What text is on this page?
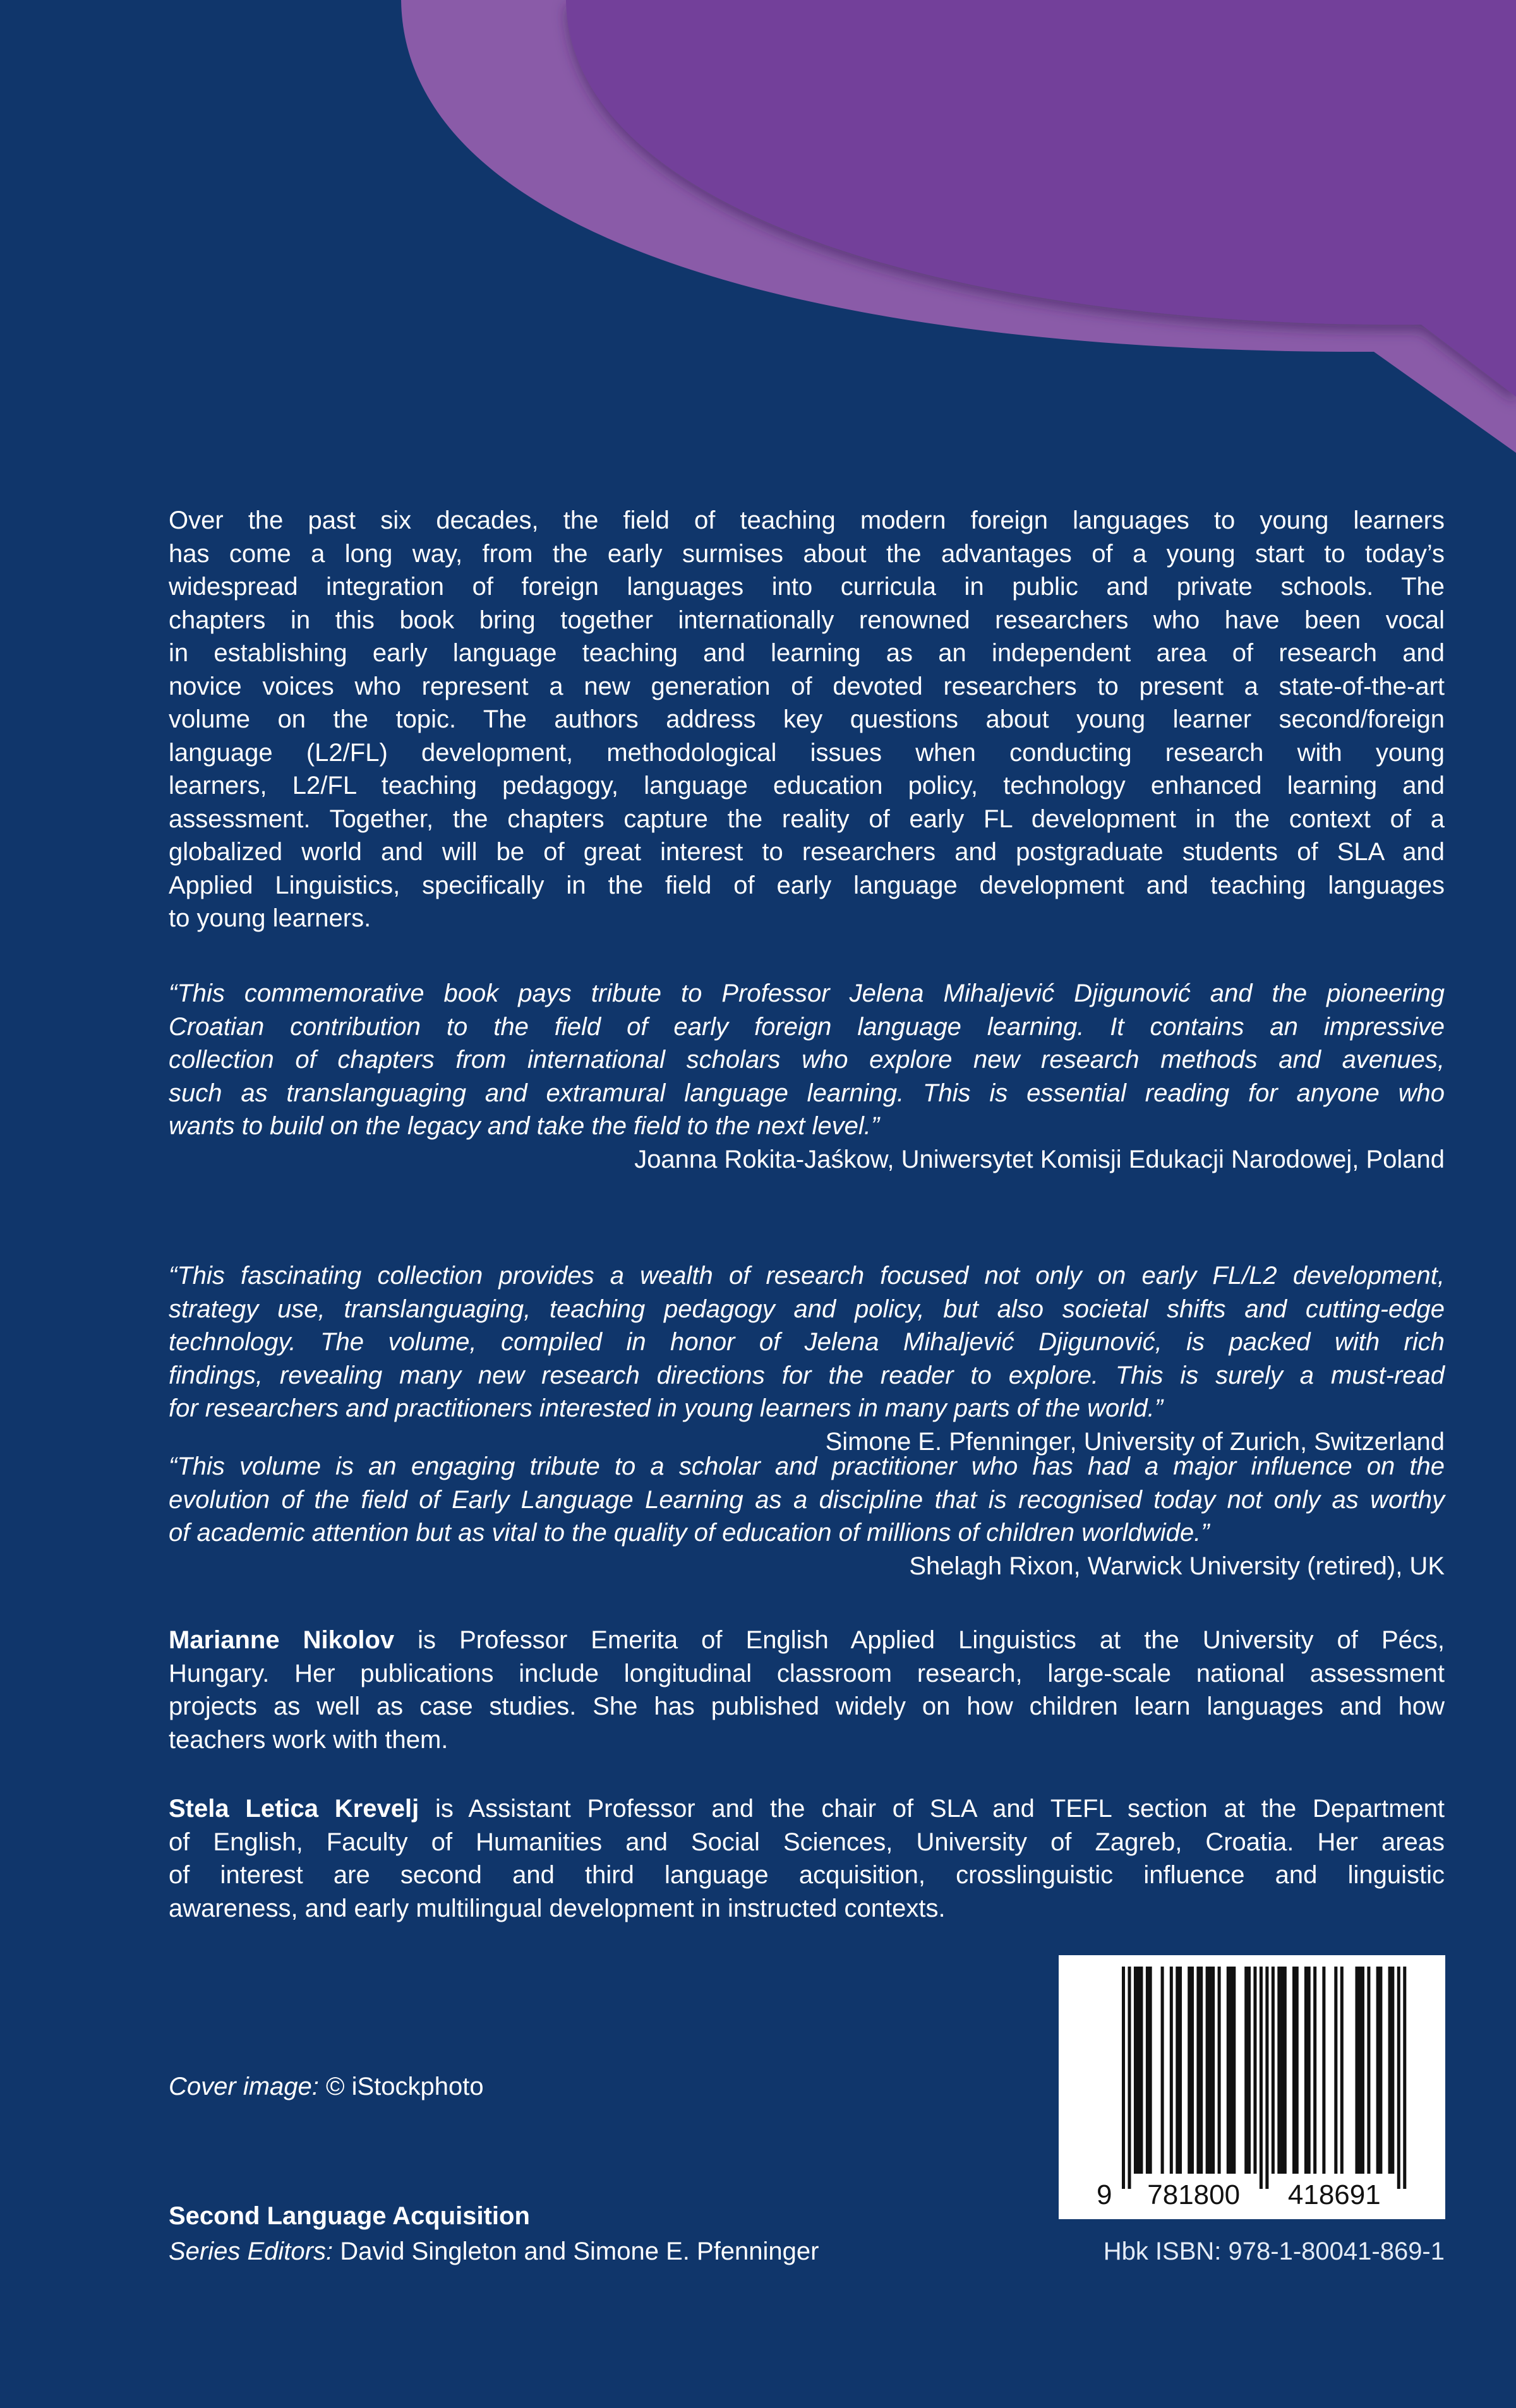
Over the past six decades, the field of teaching modern foreign languages to young learners
has come a long way, from the early surmises about the advantages of a young start to today’s
widespread integration of foreign languages into curricula in public and private schools. The
chapters in this book bring together internationally renowned researchers who have been vocal
in establishing early language teaching and learning as an independent area of research and
novice voices who represent a new generation of devoted researchers to present a state-of-the-art
volume on the topic. The authors address key questions about young learner second/foreign
language (L2/FL) development, methodological issues when conducting research with young
learners, L2/FL teaching pedagogy, language education policy, technology enhanced learning and
assessment. Together, the chapters capture the reality of early FL development in the context of a
globalized world and will be of great interest to researchers and postgraduate students of SLA and
Applied Linguistics, specifically in the field of early language development and teaching languages
to young learners.
“This commemorative book pays tribute to Professor Jelena Mihaljević Djigunović and the pioneering
Croatian contribution to the field of early foreign language learning. It contains an impressive
collection of chapters from international scholars who explore new research methods and avenues,
such as translanguaging and extramural language learning. This is essential reading for anyone who
wants to build on the legacy and take the field to the next level.”
Joanna Rokita-Jaśkow, Uniwersytet Komisji Edukacji Narodowej, Poland
“This fascinating collection provides a wealth of research focused not only on early FL/L2 development,
strategy use, translanguaging, teaching pedagogy and policy, but also societal shifts and cutting-edge
technology. The volume, compiled in honor of Jelena Mihaljević Djigunović, is packed with rich
findings, revealing many new research directions for the reader to explore. This is surely a must-read
for researchers and practitioners interested in young learners in many parts of the world.”
Simone E. Pfenninger, University of Zurich, Switzerland
“This volume is an engaging tribute to a scholar and practitioner who has had a major influence on the
evolution of the field of Early Language Learning as a discipline that is recognised today not only as worthy
of academic attention but as vital to the quality of education of millions of children worldwide.”
Shelagh Rixon, Warwick University (retired), UK
Marianne Nikolov is Professor Emerita of English Applied Linguistics at the University of Pécs,
Hungary. Her publications include longitudinal classroom research, large-scale national assessment
projects as well as case studies. She has published widely on how children learn languages and how
teachers work with them.
Stela Letica Krevelj is Assistant Professor and the chair of SLA and TEFL section at the Department
of English, Faculty of Humanities and Social Sciences, University of Zagreb, Croatia. Her areas
of interest are second and third language acquisition, crosslinguistic influence and linguistic
awareness, and early multilingual development in instructed contexts.
9 781800 418691
Cover image: © iStockphoto
Second Language Acquisition
Series Editors: David Singleton and Simone E. Pfenninger	Hbk ISBN: 978-1-80041-869-1
